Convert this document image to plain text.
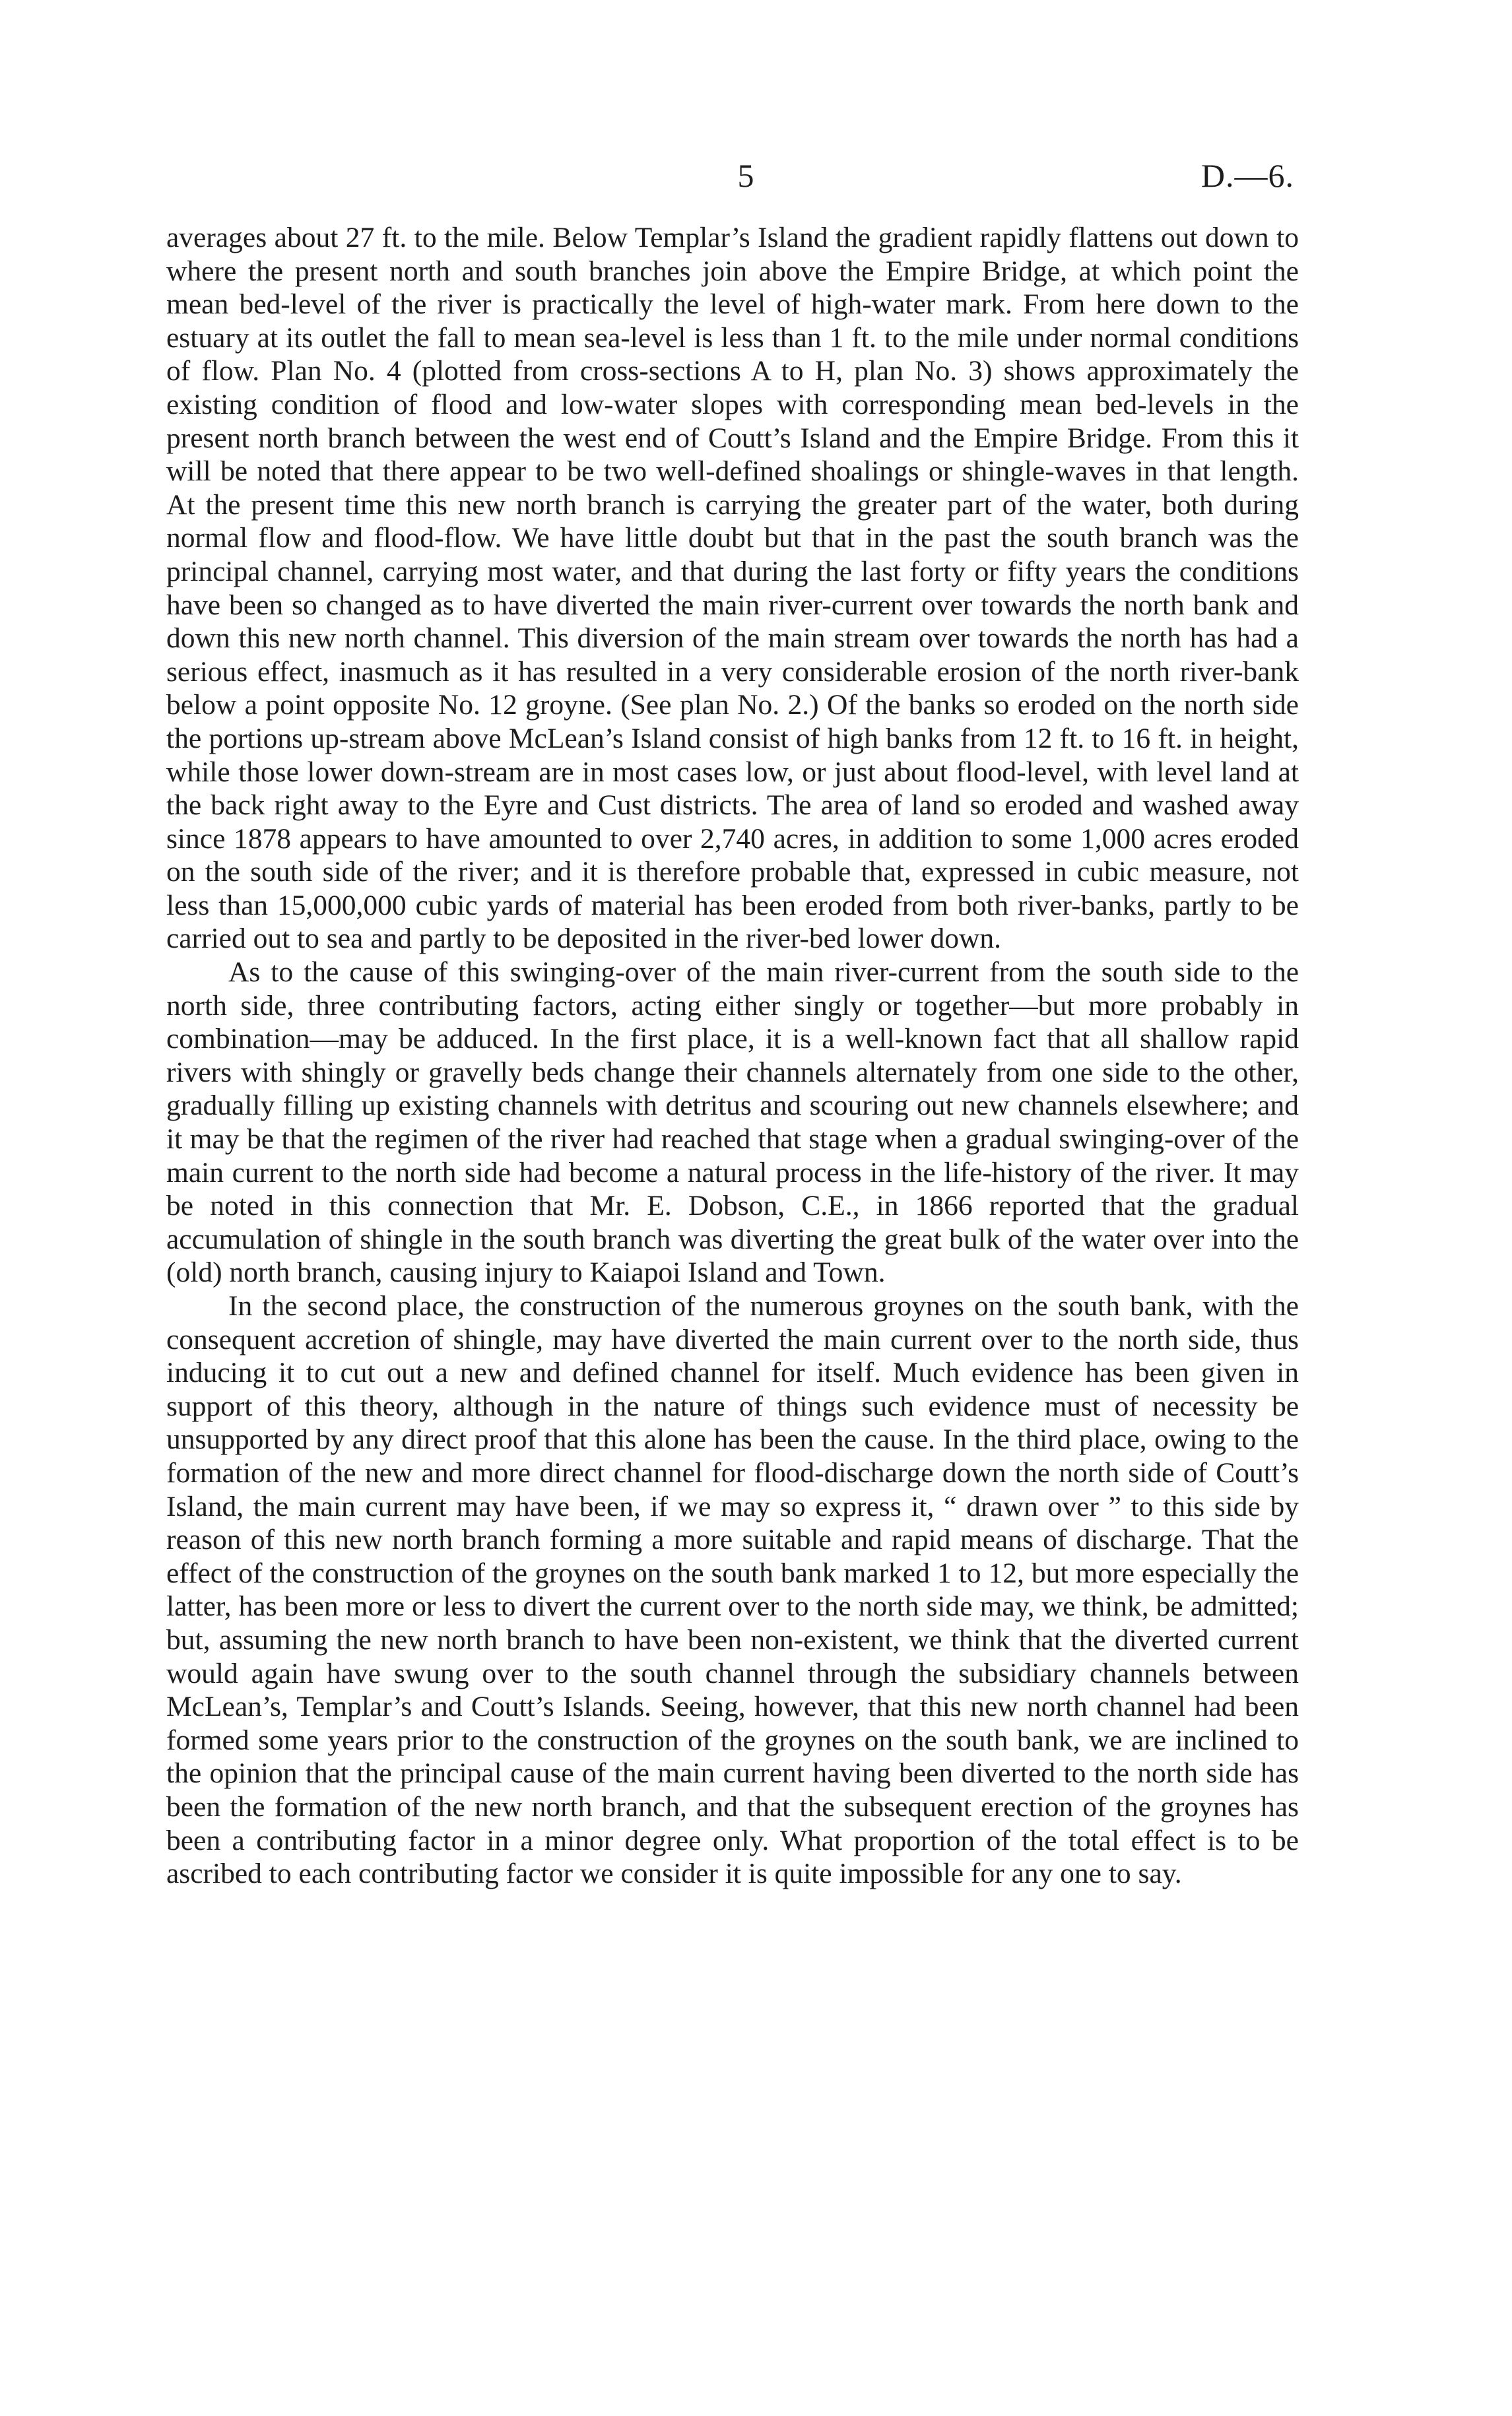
5	D.—6.

averages about 27 ft. to the mile. Below Templar’s Island the gradient rapidly flattens out down to where the present north and south branches join above the Empire Bridge, at which point the mean bed-level of the river is practically the level of high-water mark. From here down to the estuary at its outlet the fall to mean sea-level is less than 1 ft. to the mile under normal conditions of flow. Plan No. 4 (plotted from cross-sections A to H, plan No. 3) shows approximately the existing condition of flood and low-water slopes with corresponding mean bed-levels in the present north branch between the west end of Coutt’s Island and the Empire Bridge. From this it will be noted that there appear to be two well-defined shoalings or shingle-waves in that length. At the present time this new north branch is carrying the greater part of the water, both during normal flow and flood-flow. We have little doubt but that in the past the south branch was the principal channel, carrying most water, and that during the last forty or fifty years the conditions have been so changed as to have diverted the main river-current over towards the north bank and down this new north channel. This diversion of the main stream over towards the north has had a serious effect, inasmuch as it has resulted in a very considerable erosion of the north river-bank below a point opposite No. 12 groyne. (See plan No. 2.) Of the banks so eroded on the north side the portions up-stream above McLean’s Island consist of high banks from 12 ft. to 16 ft. in height, while those lower down-stream are in most cases low, or just about flood-level, with level land at the back right away to the Eyre and Cust districts. The area of land so eroded and washed away since 1878 appears to have amounted to over 2,740 acres, in addition to some 1,000 acres eroded on the south side of the river; and it is therefore probable that, expressed in cubic measure, not less than 15,000,000 cubic yards of material has been eroded from both river-banks, partly to be carried out to sea and partly to be deposited in the river-bed lower down.

As to the cause of this swinging-over of the main river-current from the south side to the north side, three contributing factors, acting either singly or together—but more probably in combination—may be adduced. In the first place, it is a well-known fact that all shallow rapid rivers with shingly or gravelly beds change their channels alternately from one side to the other, gradually filling up existing channels with detritus and scouring out new channels elsewhere; and it may be that the regimen of the river had reached that stage when a gradual swinging-over of the main current to the north side had become a natural process in the life-history of the river. It may be noted in this connection that Mr. E. Dobson, C.E., in 1866 reported that the gradual accumulation of shingle in the south branch was diverting the great bulk of the water over into the (old) north branch, causing injury to Kaiapoi Island and Town.

In the second place, the construction of the numerous groynes on the south bank, with the consequent accretion of shingle, may have diverted the main current over to the north side, thus inducing it to cut out a new and defined channel for itself. Much evidence has been given in support of this theory, although in the nature of things such evidence must of necessity be unsupported by any direct proof that this alone has been the cause. In the third place, owing to the formation of the new and more direct channel for flood-discharge down the north side of Coutt’s Island, the main current may have been, if we may so express it, “ drawn over ” to this side by reason of this new north branch forming a more suitable and rapid means of discharge. That the effect of the construction of the groynes on the south bank marked 1 to 12, but more especially the latter, has been more or less to divert the current over to the north side may, we think, be admitted; but, assuming the new north branch to have been non-existent, we think that the diverted current would again have swung over to the south channel through the subsidiary channels between McLean’s, Templar’s and Coutt’s Islands. Seeing, however, that this new north channel had been formed some years prior to the construction of the groynes on the south bank, we are inclined to the opinion that the principal cause of the main current having been diverted to the north side has been the formation of the new north branch, and that the subsequent erection of the groynes has been a contributing factor in a minor degree only. What proportion of the total effect is to be ascribed to each contributing factor we consider it is quite impossible for any one to say.
